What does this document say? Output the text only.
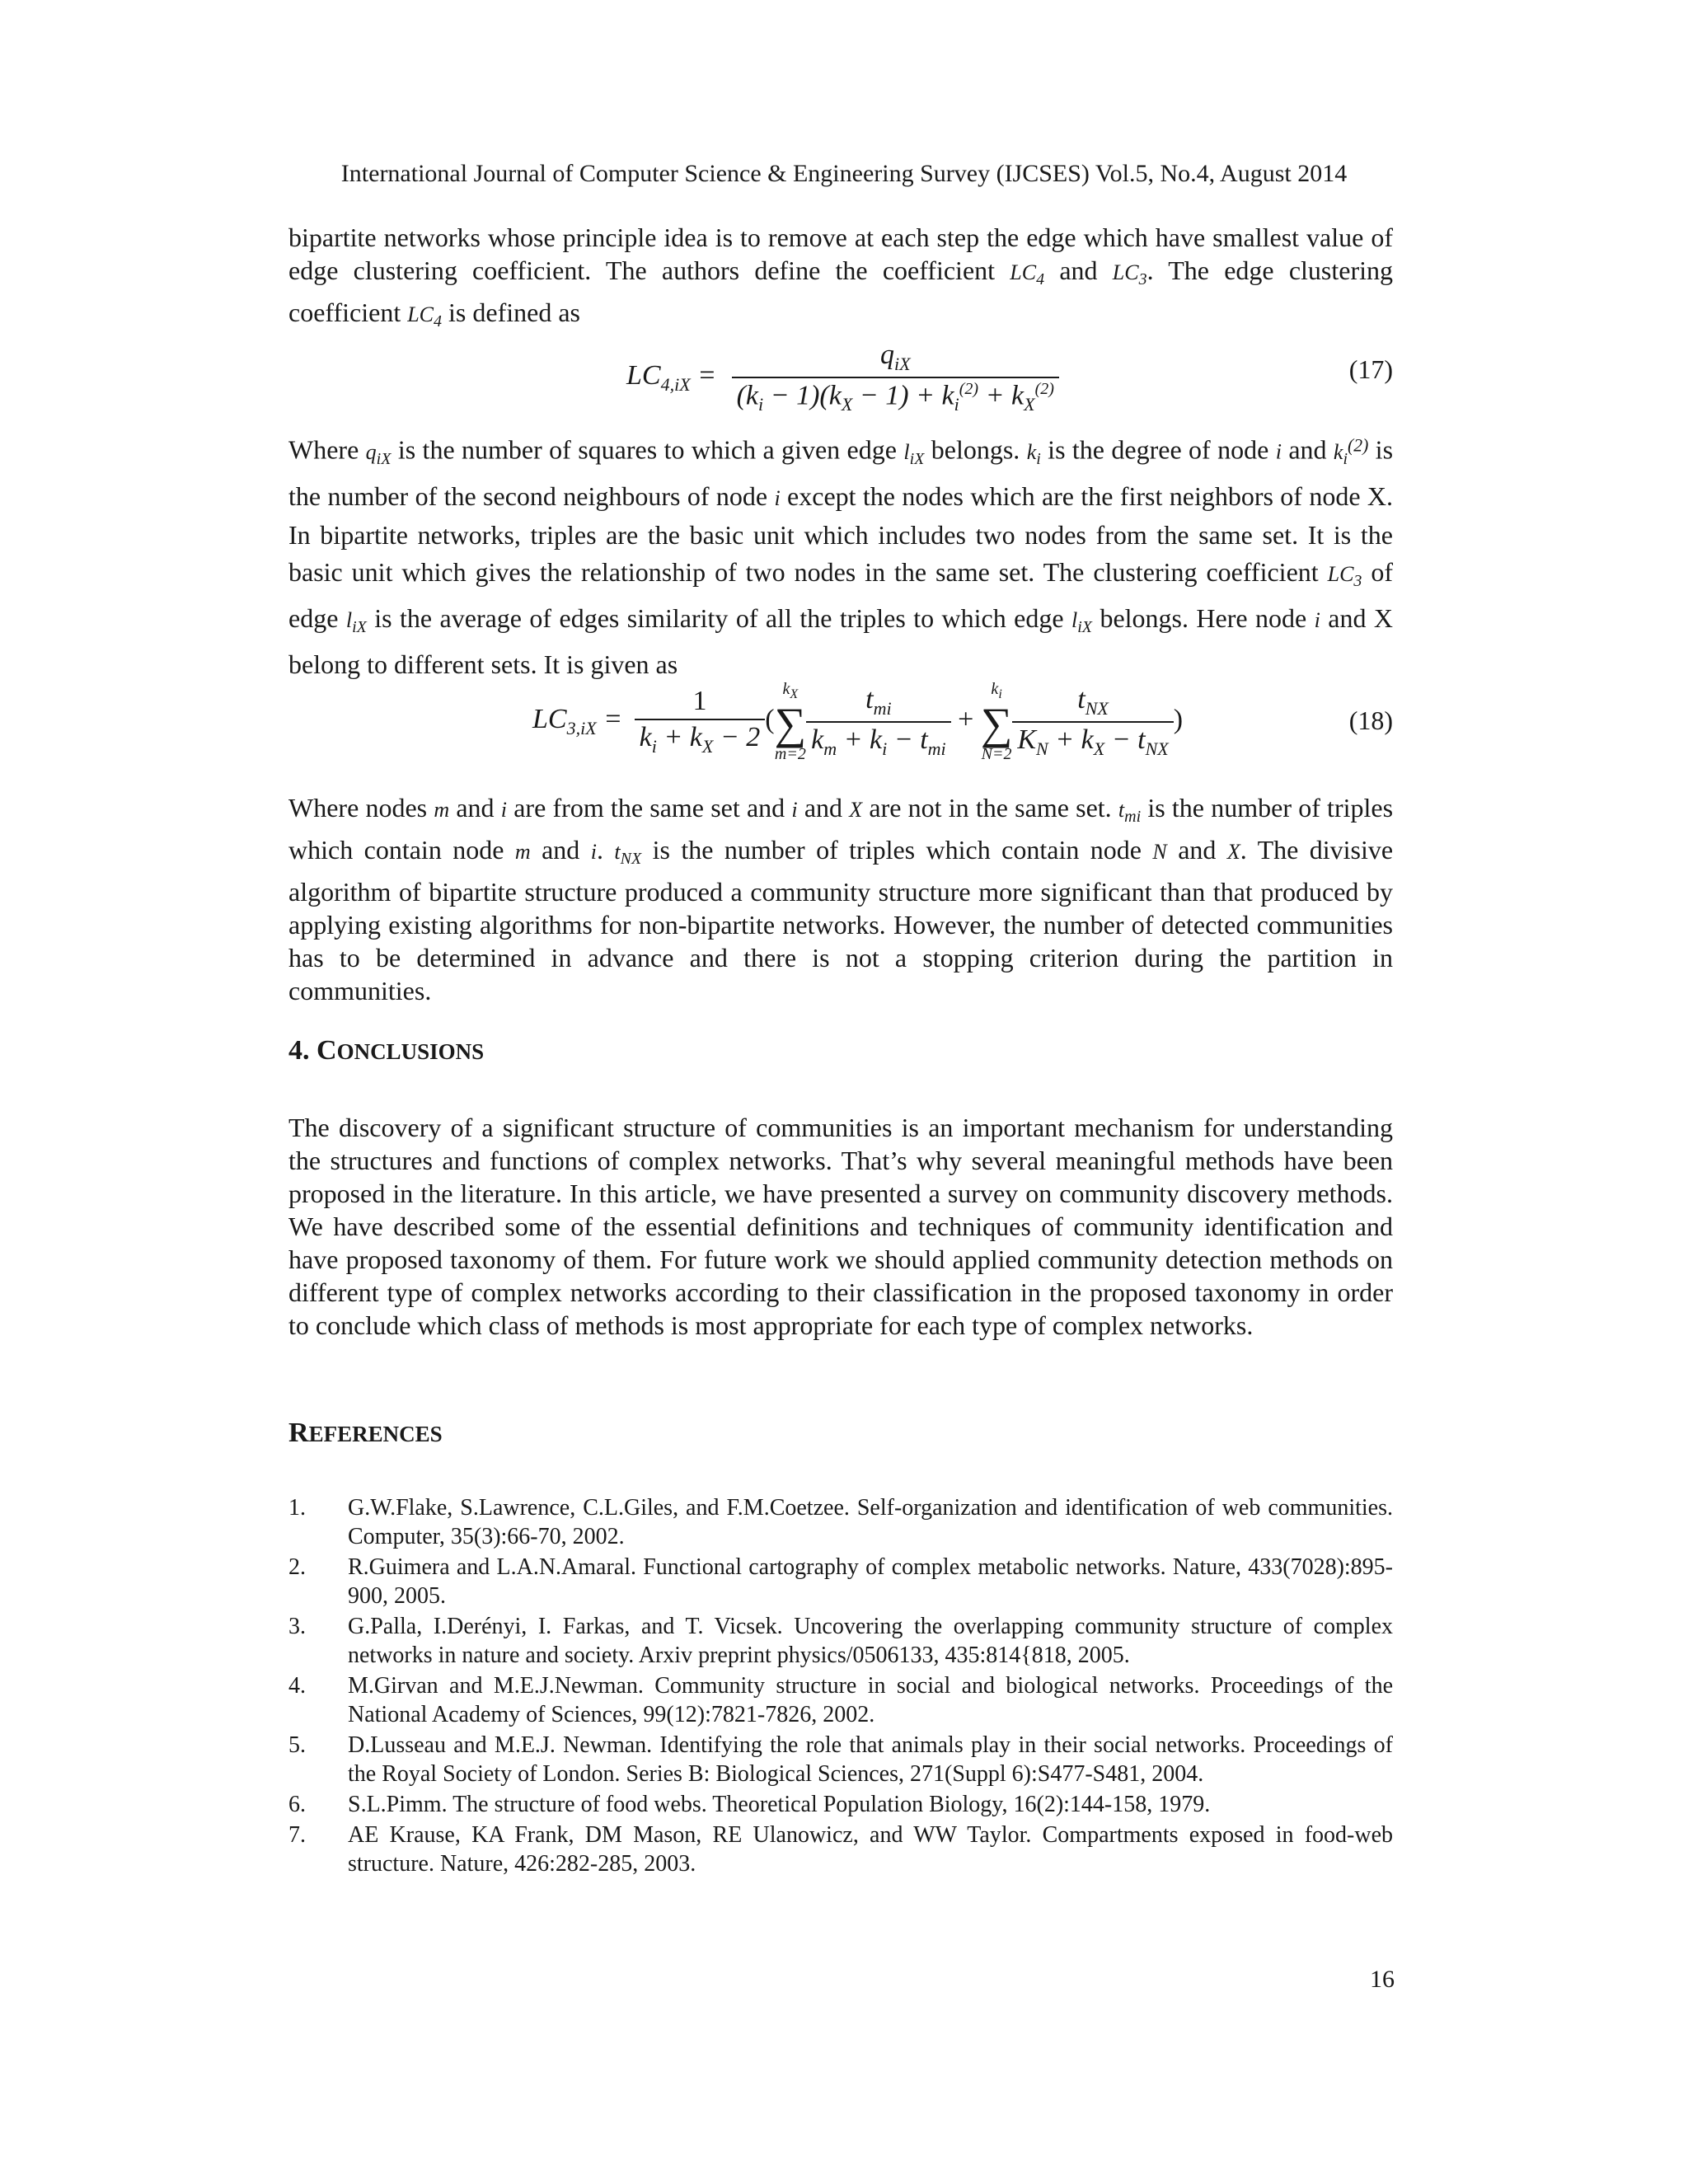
International Journal of Computer Science & Engineering Survey (IJCSES) Vol.5, No.4, August 2014

bipartite networks whose principle idea is to remove at each step the edge which have smallest value of edge clustering coefficient. The authors define the coefficient $LC_4$ and $LC_3$. The edge clustering coefficient $LC_4$ is defined as

$LC_{4,iX} = \frac{q_{iX}}{(k_i - 1)(k_X - 1) + k_i^{(2)} + k_X^{(2)}}$	(17)

Where $q_{iX}$ is the number of squares to which a given edge $l_{iX}$ belongs. $k_i$ is the degree of node i and $k_i^{(2)}$ is the number of the second neighbours of node i except the nodes which are the first neighbors of node X. In bipartite networks, triples are the basic unit which includes two nodes from the same set. It is the basic unit which gives the relationship of two nodes in the same set. The clustering coefficient $LC_3$ of edge $l_{iX}$ is the average of edges similarity of all the triples to which edge $l_{iX}$ belongs. Here node i and X belong to different sets. It is given as

$LC_{3,iX} = \frac{1}{k_i + k_X - 2}$ (
$k_X$
∑
$m=2 \frac{t_{mi}}{k_m + k_i - t_{mi}}$ +
$k_i$
∑
$N=2 \frac{t_{NX}}{K_N + k_X - t_{NX}}$ )	(18)

Where nodes m and i are from the same set and i and X are not in the same set. $t_{mi}$ is the number of triples which contain node m and i. $t_{NX}$ is the number of triples which contain node N and X. The divisive algorithm of bipartite structure produced a community structure more significant than that produced by applying existing algorithms for non-bipartite networks. However, the number of detected communities has to be determined in advance and there is not a stopping criterion during the partition in communities.

4. CONCLUSIONS

The discovery of a significant structure of communities is an important mechanism for understanding the structures and functions of complex networks. That’s why several meaningful methods have been proposed in the literature. In this article, we have presented a survey on community discovery methods. We have described some of the essential definitions and techniques of community identification and have proposed taxonomy of them. For future work we should applied community detection methods on different type of complex networks according to their classification in the proposed taxonomy in order to conclude which class of methods is most appropriate for each type of complex networks.

REFERENCES
1. G.W.Flake, S.Lawrence, C.L.Giles, and F.M.Coetzee. Self-organization and identification of web communities. Computer, 35(3):66-70, 2002.
2. R.Guimera and L.A.N.Amaral. Functional cartography of complex metabolic networks. Nature, 433(7028):895-900, 2005.
3. G.Palla, I.Derényi, I. Farkas, and T. Vicsek. Uncovering the overlapping community structure of complex networks in nature and society. Arxiv preprint physics/0506133, 435:814{818, 2005.
4. M.Girvan and M.E.J.Newman. Community structure in social and biological networks. Proceedings of the National Academy of Sciences, 99(12):7821-7826, 2002.
5. D.Lusseau and M.E.J. Newman. Identifying the role that animals play in their social networks. Proceedings of the Royal Society of London. Series B: Biological Sciences, 271(Suppl 6):S477-S481, 2004.
6. S.L.Pimm. The structure of food webs. Theoretical Population Biology, 16(2):144-158, 1979.
7. AE Krause, KA Frank, DM Mason, RE Ulanowicz, and WW Taylor. Compartments exposed in food-web structure. Nature, 426:282-285, 2003.
16
